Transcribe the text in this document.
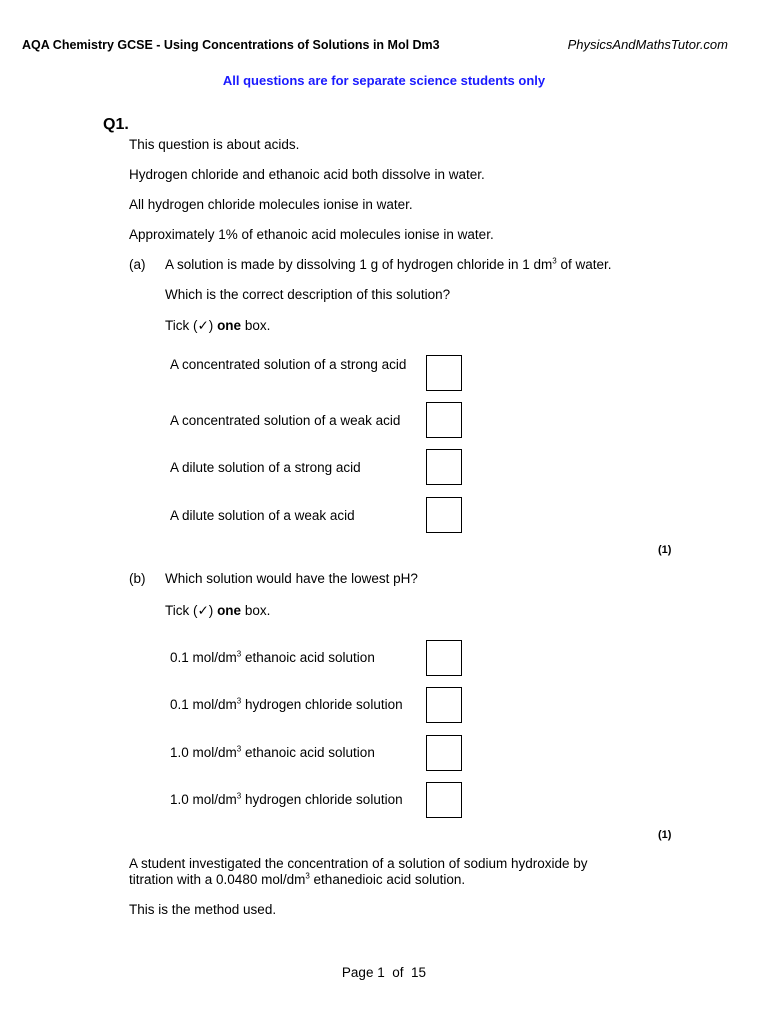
AQA Chemistry GCSE - Using Concentrations of Solutions in Mol Dm3	PhysicsAndMathsTutor.com
All questions are for separate science students only
Q1.
This question is about acids.
Hydrogen chloride and ethanoic acid both dissolve in water.
All hydrogen chloride molecules ionise in water.
Approximately 1% of ethanoic acid molecules ionise in water.
(a) A solution is made by dissolving 1 g of hydrogen chloride in 1 $dm^3$ of water.
Which is the correct description of this solution?
Tick (✓) one box.
A concentrated solution of a strong acid
A concentrated solution of a weak acid
A dilute solution of a strong acid
A dilute solution of a weak acid
(1)
(b) Which solution would have the lowest pH?
Tick (✓) one box.
0.1 mol/$dm^3$ ethanoic acid solution
0.1 mol/$dm^3$ hydrogen chloride solution
1.0 mol/$dm^3$ ethanoic acid solution
1.0 mol/$dm^3$ hydrogen chloride solution
(1)
A student investigated the concentration of a solution of sodium hydroxide by
titration with a 0.0480 mol/$dm^3$ ethanedioic acid solution.
This is the method used.
Page 1 of 15
